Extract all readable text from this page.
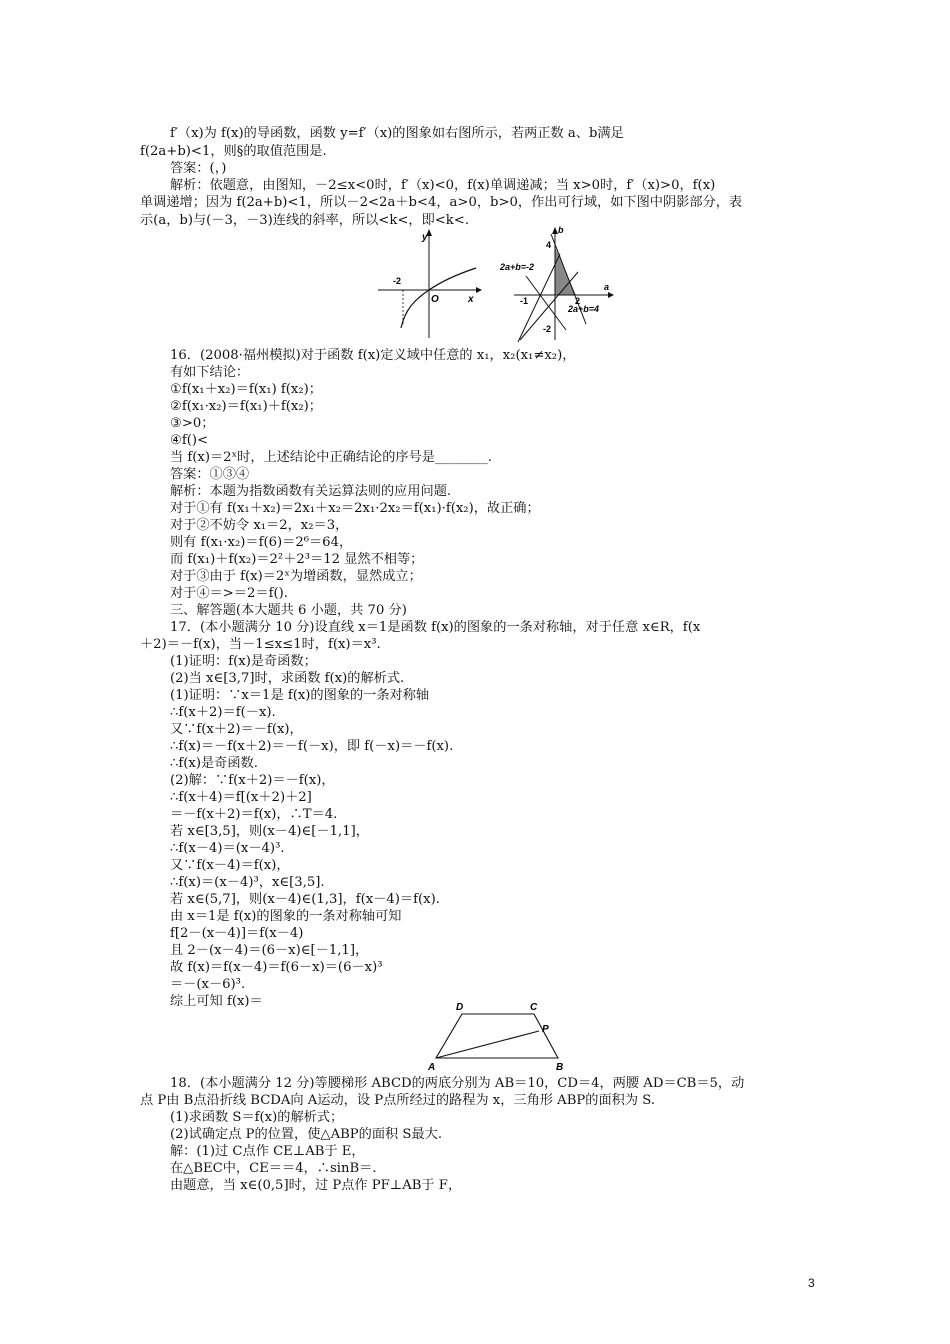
f′（x)为 f(x)的导函数，函数 y=f′（x)的图象如右图所示，若两正数 a、b满足
f(2a+b)<1，则§的取值范围是.
答案：(，)
解析：依题意，由图知，－2≤x<0时，f′（x)<0，f(x)单调递减；当 x>0时，f′（x)>0，f(x)
单调递增；因为 f(2a+b)<1，所以－2<2a＋b<4，a>0，b>0，作出可行域，如下图中阴影部分，表
示(a，b)与(－3，－3)连线的斜率，所以<k<，即<k<.
y
x
O
-2
b
a
4
2
-1
-2
2a+b=-2
2a+b=4
16．(2008·福州模拟)对于函数 f(x)定义域中任意的 x₁，x₂(x₁≠x₂)，
有如下结论：
①f(x₁＋x₂)＝f(x₁) f(x₂)；
②f(x₁·x₂)＝f(x₁)＋f(x₂)；
③>0；
④f()<
当 f(x)＝2ˣ时，上述结论中正确结论的序号是________.
答案：①③④
解析：本题为指数函数有关运算法则的应用问题.
对于①有 f(x₁＋x₂)＝2x₁＋x₂＝2x₁·2x₂＝f(x₁)·f(x₂)，故正确；
对于②不妨令 x₁＝2，x₂＝3，
则有 f(x₁·x₂)＝f(6)＝2⁶＝64，
而 f(x₁)＋f(x₂)＝2²＋2³＝12 显然不相等；
对于③由于 f(x)＝2ˣ为增函数，显然成立；
对于④＝>＝2＝f().
三、解答题(本大题共 6 小题，共 70 分)
17．(本小题满分 10 分)设直线 x＝1是函数 f(x)的图象的一条对称轴，对于任意 x∈R，f(x
＋2)＝－f(x)，当－1≤x≤1时，f(x)＝x³.
(1)证明：f(x)是奇函数；
(2)当 x∈[3,7]时，求函数 f(x)的解析式.
(1)证明：∵x＝1是 f(x)的图象的一条对称轴
∴f(x＋2)＝f(－x).
又∵f(x＋2)＝－f(x)，
∴f(x)＝－f(x＋2)＝－f(－x)，即 f(－x)＝－f(x).
∴f(x)是奇函数.
(2)解：∵f(x＋2)＝－f(x)，
∴f(x＋4)＝f[(x＋2)＋2]
＝－f(x＋2)＝f(x)，∴T＝4.
若 x∈[3,5]，则(x－4)∈[－1,1]，
∴f(x－4)＝(x－4)³.
又∵f(x－4)＝f(x)，
∴f(x)＝(x－4)³，x∈[3,5].
若 x∈(5,7]，则(x－4)∈(1,3]，f(x－4)＝f(x).
由 x＝1是 f(x)的图象的一条对称轴可知
f[2－(x－4)]＝f(x－4)
且 2－(x－4)＝(6－x)∈[－1,1]，
故 f(x)＝f(x－4)＝f(6－x)＝(6－x)³
＝－(x－6)³.
综上可知 f(x)＝	D	C
P
A	B
18．(本小题满分 12 分)等腰梯形 ABCD的两底分别为 AB＝10，CD＝4，两腰 AD＝CB＝5，动
点 P由 B点沿折线 BCDA向 A运动，设 P点所经过的路程为 x，三角形 ABP的面积为 S.
(1)求函数 S＝f(x)的解析式；
(2)试确定点 P的位置，使△ABP的面积 S最大.
解：(1)过 C点作 CE⊥AB于 E，
在△BEC中，CE＝＝4，∴sinB＝.
由题意，当 x∈(0,5]时，过 P点作 PF⊥AB于 F，
3
